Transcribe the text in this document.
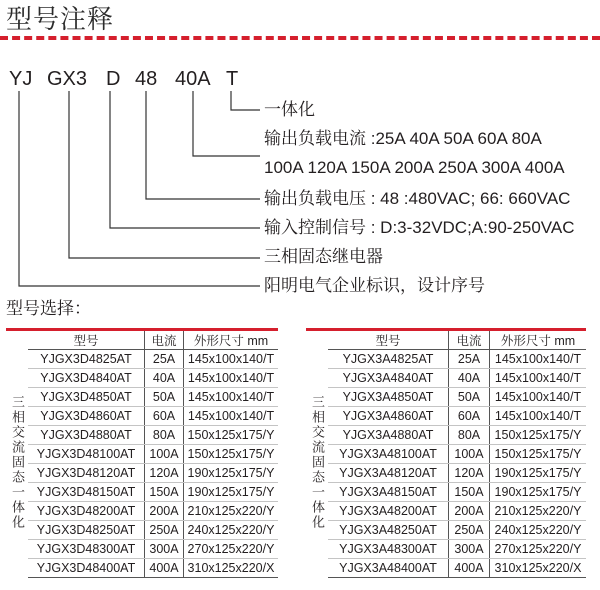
型号注释
YJ GX3 D 48 40A T
一体化
输出负载电流 :25A 40A 50A 60A 80A
100A 120A 150A 200A 250A 300A 400A
输出负载电压 : 48 :480VAC; 66: 660VAC
输入控制信号 : D:3-32VDC;A:90-250VAC
三相固态继电器
阳明电气企业标识，设计序号
型号选择：
	型号	电流	外形尺寸 mm
三相交流固态一体化	YJGX3D4825AT	25A	145x100x140/T
	YJGX3D4840AT	40A	145x100x140/T
	YJGX3D4850AT	50A	145x100x140/T
	YJGX3D4860AT	60A	145x100x140/T
	YJGX3D4880AT	80A	150x125x175/Y
	YJGX3D48100AT	100A	150x125x175/Y
	YJGX3D48120AT	120A	190x125x175/Y
	YJGX3D48150AT	150A	190x125x175/Y
	YJGX3D48200AT	200A	210x125x220/Y
	YJGX3D48250AT	250A	240x125x220/Y
	YJGX3D48300AT	300A	270x125x220/Y
	YJGX3D48400AT	400A	310x125x220/X
	型号	电流	外形尺寸 mm
三相交流固态一体化	YJGX3A4825AT	25A	145x100x140/T
	YJGX3A4840AT	40A	145x100x140/T
	YJGX3A4850AT	50A	145x100x140/T
	YJGX3A4860AT	60A	145x100x140/T
	YJGX3A4880AT	80A	150x125x175/Y
	YJGX3A48100AT	100A	150x125x175/Y
	YJGX3A48120AT	120A	190x125x175/Y
	YJGX3A48150AT	150A	190x125x175/Y
	YJGX3A48200AT	200A	210x125x220/Y
	YJGX3A48250AT	250A	240x125x220/Y
	YJGX3A48300AT	300A	270x125x220/Y
	YJGX3A48400AT	400A	310x125x220/X
